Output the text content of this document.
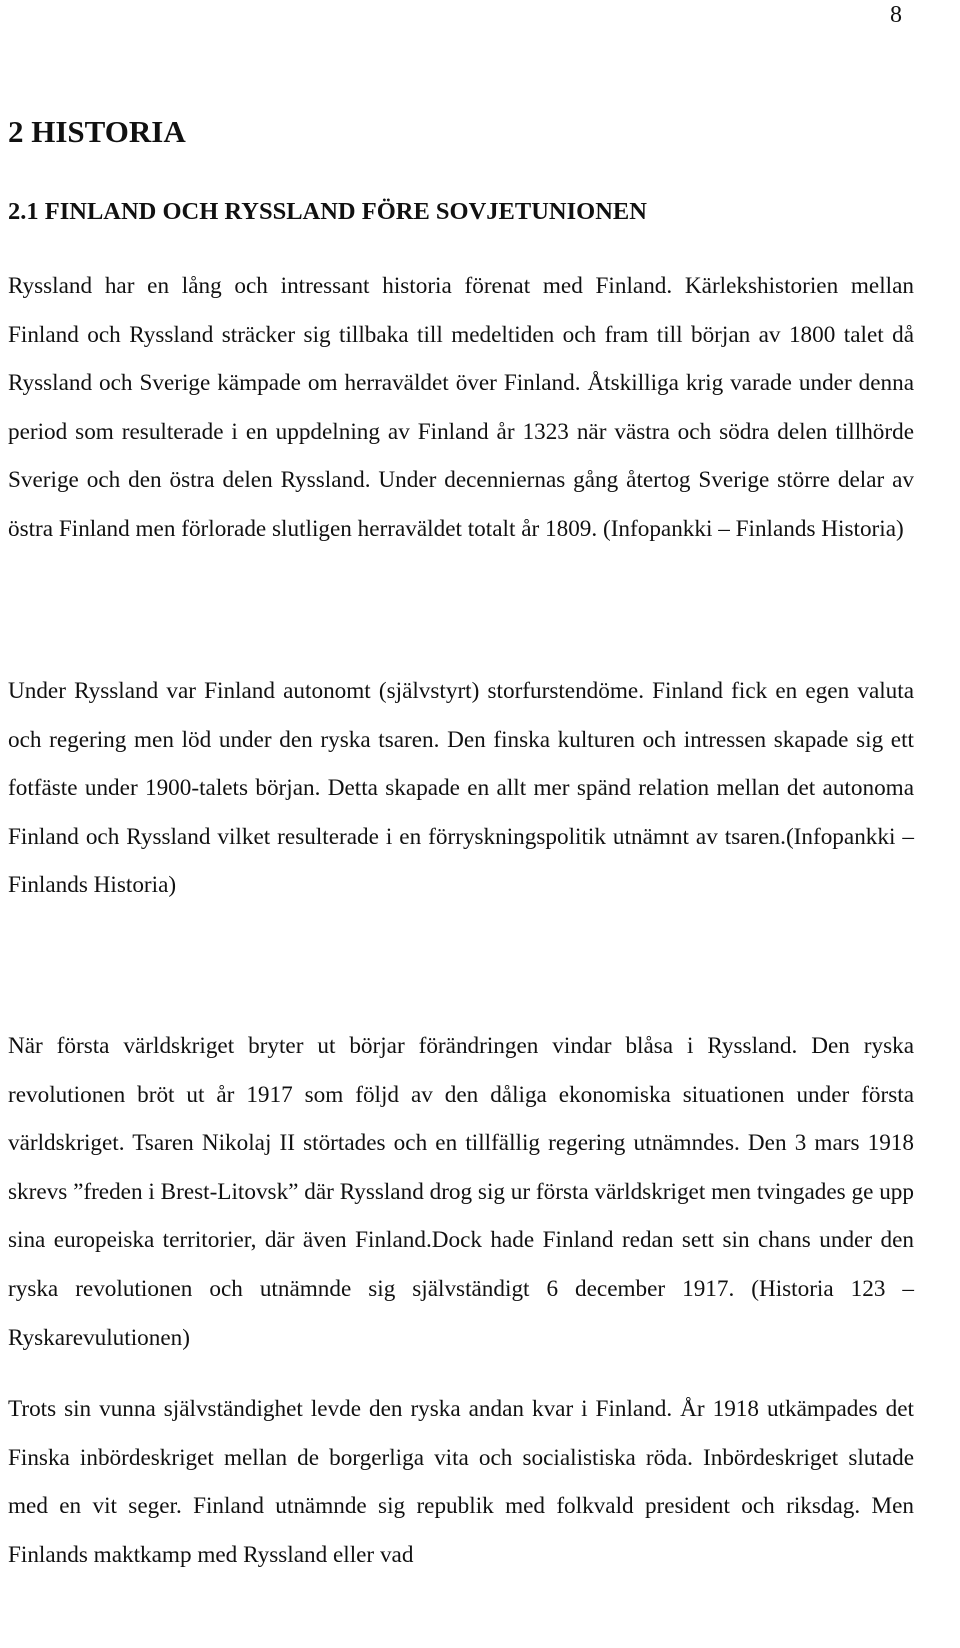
8
2 HISTORIA
2.1 FINLAND OCH RYSSLAND FÖRE SOVJETUNIONEN

Ryssland har en lång och intressant historia förenat med Finland. Kärlekshistorien mellan Finland och Ryssland sträcker sig tillbaka till medeltiden och fram till början av 1800 talet då Ryssland och Sverige kämpade om herraväldet över Finland. Åtskilliga krig varade under denna period som resulterade i en uppdelning av Finland år 1323 när västra och södra delen tillhörde Sverige och den östra delen Ryssland. Under decenniernas gång återtog Sverige större delar av östra Finland men förlorade slutligen herraväldet totalt år 1809. (Infopankki – Finlands Historia)

Under Ryssland var Finland autonomt (självstyrt) storfurstendöme. Finland fick en egen valuta och regering men löd under den ryska tsaren. Den finska kulturen och intressen skapade sig ett fotfäste under 1900-talets början. Detta skapade en allt mer spänd relation mellan det autonoma Finland och Ryssland vilket resulterade i en förryskningspolitik utnämnt av tsaren.(Infopankki – Finlands Historia)

När första världskriget bryter ut börjar förändringen vindar blåsa i Ryssland. Den ryska revolutionen bröt ut år 1917 som följd av den dåliga ekonomiska situationen under första världskriget. Tsaren Nikolaj II störtades och en tillfällig regering utnämndes. Den 3 mars 1918 skrevs ”freden i Brest-Litovsk” där Ryssland drog sig ur första världskriget men tvingades ge upp sina europeiska territorier, där även Finland.Dock hade Finland redan sett sin chans under den ryska revolutionen och utnämnde sig självständigt 6 december 1917. (Historia 123 – Ryskarevulutionen)

Trots sin vunna självständighet levde den ryska andan kvar i Finland. År 1918 utkämpades det Finska inbördeskriget mellan de borgerliga vita och socialistiska röda. Inbördeskriget slutade med en vit seger. Finland utnämnde sig republik med folkvald president och riksdag. Men Finlands maktkamp med Ryssland eller vad
